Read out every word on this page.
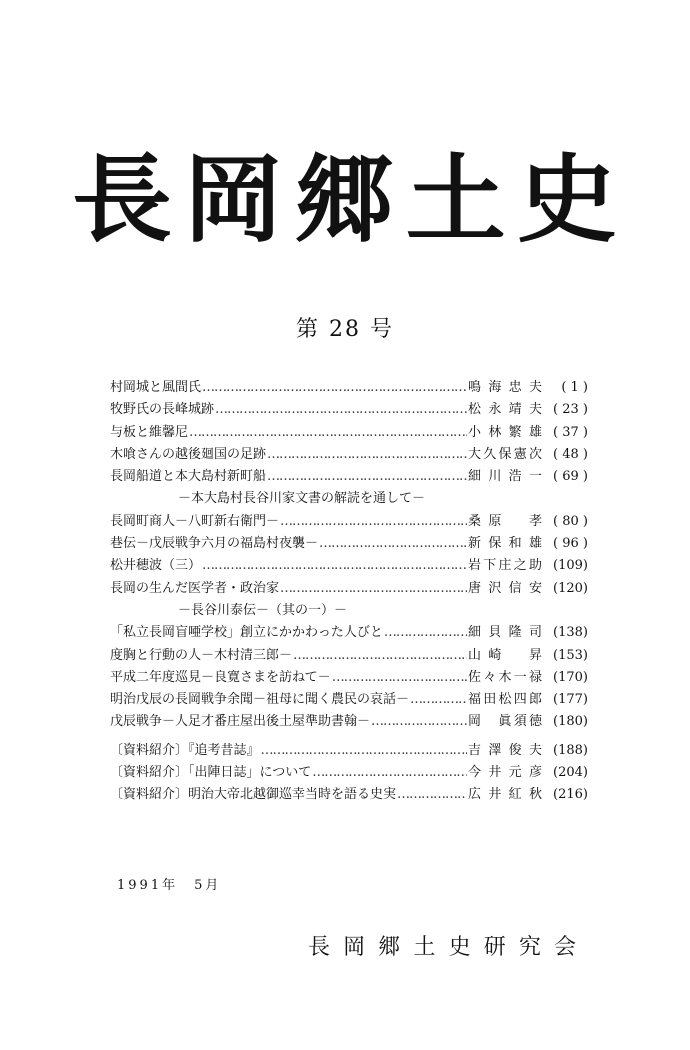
長 岡 郷 土 史
第 28 号
村岡城と風間氏 ……………………………………………………………………………………………………………………	鳴海忠夫	( 1 )
牧野氏の長峰城跡 ……………………………………………………………………………………………………………………	松永靖夫 ( 23 )
与板と維馨尼 ……………………………………………………………………………………………………………………	小林繁雄 ( 37 )
木喰さんの越後廻国の足跡 ……………………………………………………………………………………………………………………	大久保憲次 ( 48 )
長岡船道と本大島村新町船 ……………………………………………………………………………………………………………………	細川浩一 ( 69 )
－本大島村長谷川家文書の解読を通して－
長岡町商人－八町新右衛門－ ……………………………………………………………………………………………………………………	桑原　孝 ( 80 )
巷伝－戊辰戦争六月の福島村夜襲－ ……………………………………………………………………………………………………………………	新保和雄 ( 96 )
松井穂波（三） ……………………………………………………………………………………………………………………	岩下庄之助 (109)
長岡の生んだ医学者・政治家 ……………………………………………………………………………………………………………………	唐沢信安 (120)
－長谷川泰伝－（其の一）－
「私立長岡盲唖学校」創立にかかわった人びと ……………………………………………………………………………………………………………………	細貝隆司 (138)
度胸と行動の人－木村清三郎－ ……………………………………………………………………………………………………………………	山崎　昇 (153)
平成二年度巡見－良寛さまを訪ねて－ ……………………………………………………………………………………………………………………	佐々木一禄 (170)
明治戊辰の長岡戦争余聞－祖母に聞く農民の哀話－ ……………………………………………………………………………………………………………………	福田松四郎 (177)
戊辰戦争－人足才番庄屋出後土屋準助書翰－ ……………………………………………………………………………………………………………………	岡　眞須徳 (180)
〔資料紹介〕『追考昔誌』 ……………………………………………………………………………………………………………………	吉澤俊夫 (188)
〔資料紹介〕「出陣日誌」について ……………………………………………………………………………………………………………………	今井元彦 (204)
〔資料紹介〕明治大帝北越御巡幸当時を語る史実 ……………………………………………………………………………………………………………………	広井紅秋 (216)
1991年　5月
長 岡 郷 土 史 研 究 会
